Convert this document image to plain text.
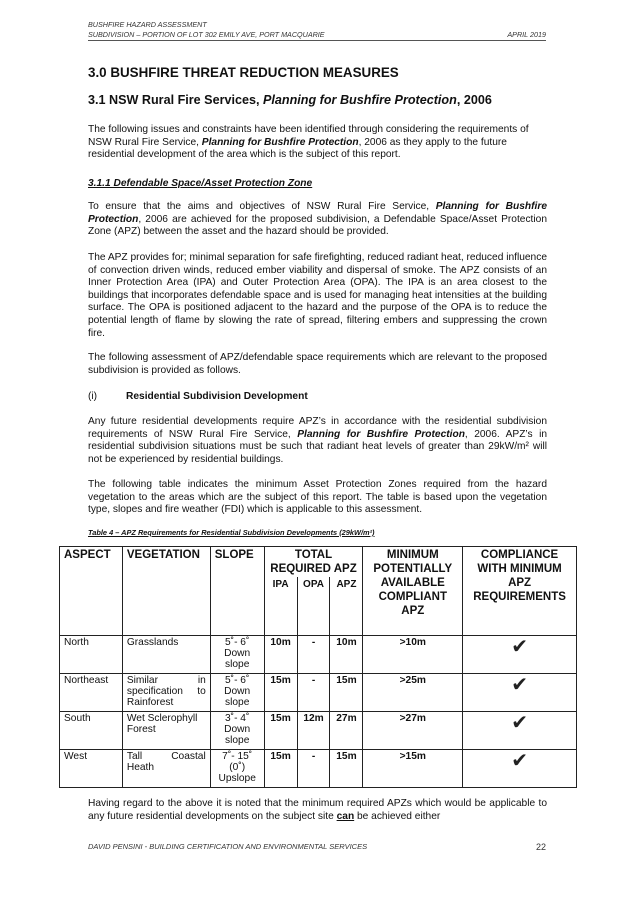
BUSHFIRE HAZARD ASSESSMENT
SUBDIVISION – PORTION OF LOT 302 EMILY AVE, PORT MACQUARIE	APRIL 2019
3.0 BUSHFIRE THREAT REDUCTION MEASURES
3.1 NSW Rural Fire Services, Planning for Bushfire Protection, 2006

The following issues and constraints have been identified through considering the requirements of NSW Rural Fire Service, Planning for Bushfire Protection, 2006 as they apply to the future residential development of the area which is the subject of this report.

3.1.1 Defendable Space/Asset Protection Zone

To ensure that the aims and objectives of NSW Rural Fire Service, Planning for Bushfire Protection, 2006 are achieved for the proposed subdivision, a Defendable Space/Asset Protection Zone (APZ) between the asset and the hazard should be provided.

The APZ provides for; minimal separation for safe firefighting, reduced radiant heat, reduced influence of convection driven winds, reduced ember viability and dispersal of smoke. The APZ consists of an Inner Protection Area (IPA) and Outer Protection Area (OPA). The IPA is an area closest to the buildings that incorporates defendable space and is used for managing heat intensities at the building surface. The OPA is positioned adjacent to the hazard and the purpose of the OPA is to reduce the potential length of flame by slowing the rate of spread, filtering embers and suppressing the crown fire.

The following assessment of APZ/defendable space requirements which are relevant to the proposed subdivision is provided as follows.

(i)	Residential Subdivision Development

Any future residential developments require APZ’s in accordance with the residential subdivision requirements of NSW Rural Fire Service, Planning for Bushfire Protection, 2006. APZ’s in residential subdivision situations must be such that radiant heat levels of greater than 29kW/m² will not be experienced by residential buildings.

The following table indicates the minimum Asset Protection Zones required from the hazard vegetation to the areas which are the subject of this report. The table is based upon the vegetation type, slopes and fire weather (FDI) which is applicable to this assessment.

Table 4 – APZ Requirements for Residential Subdivision Developments (29kW/m²)

ASPECT	VEGETATION	SLOPE	TOTAL REQUIRED APZ			MINIMUM POTENTIALLY AVAILABLE COMPLIANT APZ	COMPLIANCE WITH MINIMUM APZ REQUIREMENTS
			IPA	OPA	APZ		
North	Grasslands	5˚- 6˚ Down slope	10m	-	10m	>10m	✔
Northeast	Similar in specification to Rainforest	5˚- 6˚ Down slope	15m	-	15m	>25m	✔
South	Wet Sclerophyll Forest	3˚- 4˚ Down slope	15m	12m	27m	>27m	✔
West	Tall Coastal Heath	7˚- 15˚ (0˚) Upslope	15m	-	15m	>15m	✔

Having regard to the above it is noted that the minimum required APZs which would be applicable to any future residential developments on the subject site can be achieved either

DAVID PENSINI - BUILDING CERTIFICATION AND ENVIRONMENTAL SERVICES	22
